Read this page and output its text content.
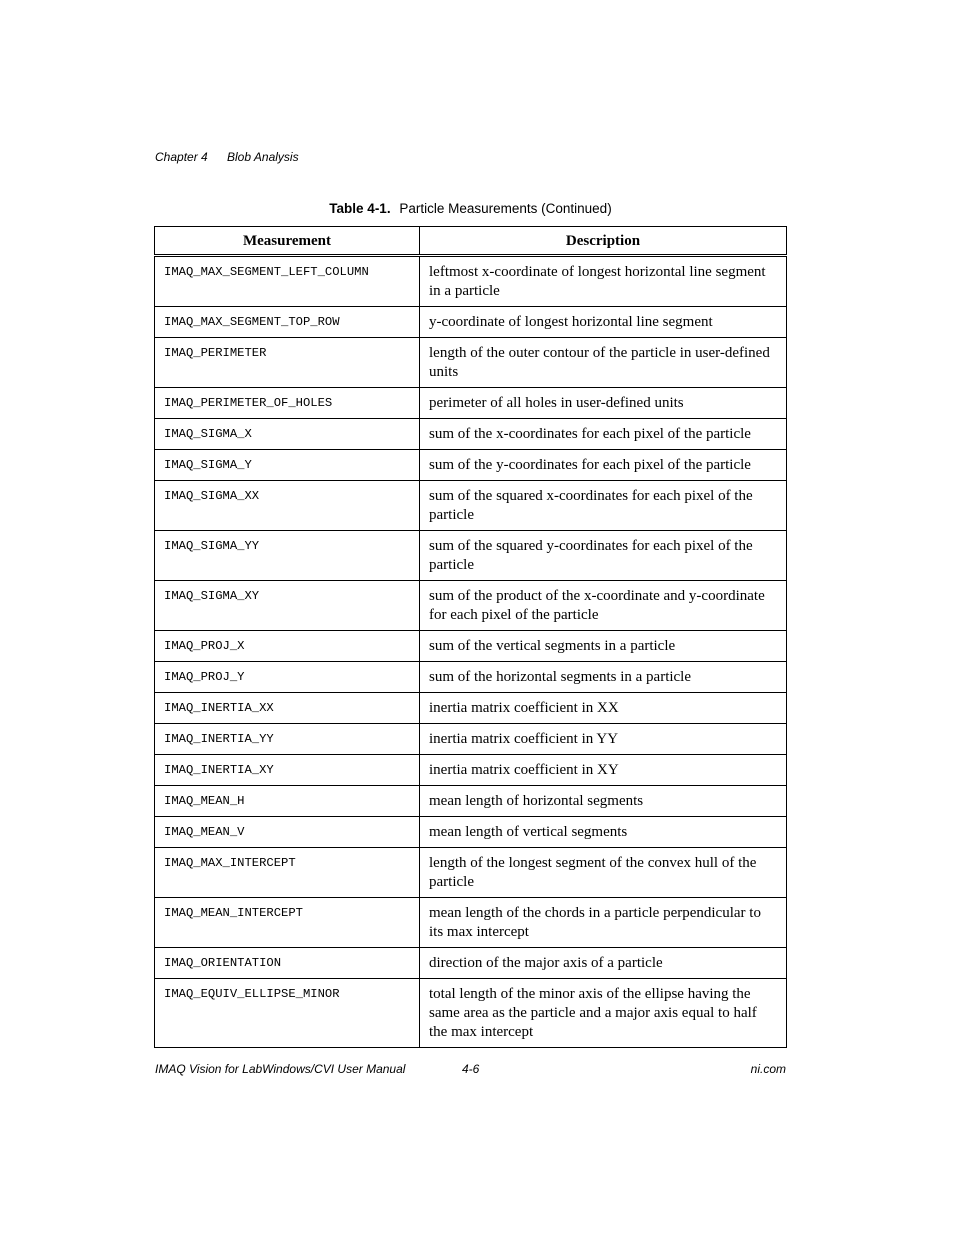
Chapter 4 Blob Analysis
Table 4-1. Particle Measurements (Continued)
Measurement	Description
IMAQ_MAX_SEGMENT_LEFT_COLUMN	leftmost x-coordinate of longest horizontal line segment in a particle
IMAQ_MAX_SEGMENT_TOP_ROW	y-coordinate of longest horizontal line segment
IMAQ_PERIMETER	length of the outer contour of the particle in user-defined units
IMAQ_PERIMETER_OF_HOLES	perimeter of all holes in user-defined units
IMAQ_SIGMA_X	sum of the x-coordinates for each pixel of the particle
IMAQ_SIGMA_Y	sum of the y-coordinates for each pixel of the particle
IMAQ_SIGMA_XX	sum of the squared x-coordinates for each pixel of the particle
IMAQ_SIGMA_YY	sum of the squared y-coordinates for each pixel of the particle
IMAQ_SIGMA_XY	sum of the product of the x-coordinate and y-coordinate for each pixel of the particle
IMAQ_PROJ_X	sum of the vertical segments in a particle
IMAQ_PROJ_Y	sum of the horizontal segments in a particle
IMAQ_INERTIA_XX	inertia matrix coefficient in XX
IMAQ_INERTIA_YY	inertia matrix coefficient in YY
IMAQ_INERTIA_XY	inertia matrix coefficient in XY
IMAQ_MEAN_H	mean length of horizontal segments
IMAQ_MEAN_V	mean length of vertical segments
IMAQ_MAX_INTERCEPT	length of the longest segment of the convex hull of the particle
IMAQ_MEAN_INTERCEPT	mean length of the chords in a particle perpendicular to its max intercept
IMAQ_ORIENTATION	direction of the major axis of a particle
IMAQ_EQUIV_ELLIPSE_MINOR	total length of the minor axis of the ellipse having the same area as the particle and a major axis equal to half the max intercept
IMAQ Vision for LabWindows/CVI User Manual	4-6	ni.com
